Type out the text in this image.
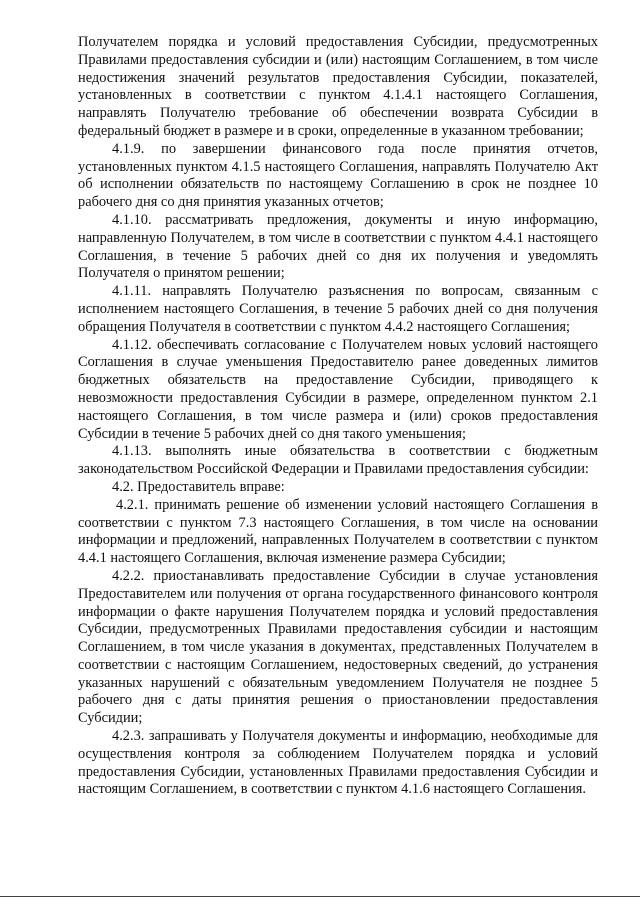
Получателем порядка и условий предоставления Субсидии, предусмотренных Правилами предоставления субсидии и (или) настоящим Соглашением, в том числе недостижения значений результатов предоставления Субсидии, показателей, установленных в соответствии с пунктом 4.1.4.1 настоящего Соглашения, направлять Получателю требование об обеспечении возврата Субсидии в федеральный бюджет в размере и в сроки, определенные в указанном требовании;

4.1.9. по завершении финансового года после принятия отчетов, установленных пунктом 4.1.5 настоящего Соглашения, направлять Получателю Акт об исполнении обязательств по настоящему Соглашению в срок не позднее 10 рабочего дня со дня принятия указанных отчетов;

4.1.10. рассматривать предложения, документы и иную информацию, направленную Получателем, в том числе в соответствии с пунктом 4.4.1 настоящего Соглашения, в течение 5 рабочих дней со дня их получения и уведомлять Получателя о принятом решении;

4.1.11. направлять Получателю разъяснения по вопросам, связанным с исполнением настоящего Соглашения, в течение 5 рабочих дней со дня получения обращения Получателя в соответствии с пунктом 4.4.2 настоящего Соглашения;

4.1.12. обеспечивать согласование с Получателем новых условий настоящего Соглашения в случае уменьшения Предоставителю ранее доведенных лимитов бюджетных обязательств на предоставление Субсидии, приводящего к невозможности предоставления Субсидии в размере, определенном пунктом 2.1 настоящего Соглашения, в том числе размера и (или) сроков предоставления Субсидии в течение 5 рабочих дней со дня такого уменьшения;

4.1.13. выполнять иные обязательства в соответствии с бюджетным законодательством Российской Федерации и Правилами предоставления субсидии:

4.2. Предоставитель вправе:

4.2.1. принимать решение об изменении условий настоящего Соглашения в соответствии с пунктом 7.3 настоящего Соглашения, в том числе на основании информации и предложений, направленных Получателем в соответствии с пунктом 4.4.1 настоящего Соглашения, включая изменение размера Субсидии;

4.2.2. приостанавливать предоставление Субсидии в случае установления Предоставителем или получения от органа государственного финансового контроля информации о факте нарушения Получателем порядка и условий предоставления Субсидии, предусмотренных Правилами предоставления субсидии и настоящим Соглашением, в том числе указания в документах, представленных Получателем в соответствии с настоящим Соглашением, недостоверных сведений, до устранения указанных нарушений с обязательным уведомлением Получателя не позднее 5 рабочего дня с даты принятия решения о приостановлении предоставления Субсидии;

4.2.3. запрашивать у Получателя документы и информацию, необходимые для осуществления контроля за соблюдением Получателем порядка и условий предоставления Субсидии, установленных Правилами предоставления Субсидии и настоящим Соглашением, в соответствии с пунктом 4.1.6 настоящего Соглашения.
